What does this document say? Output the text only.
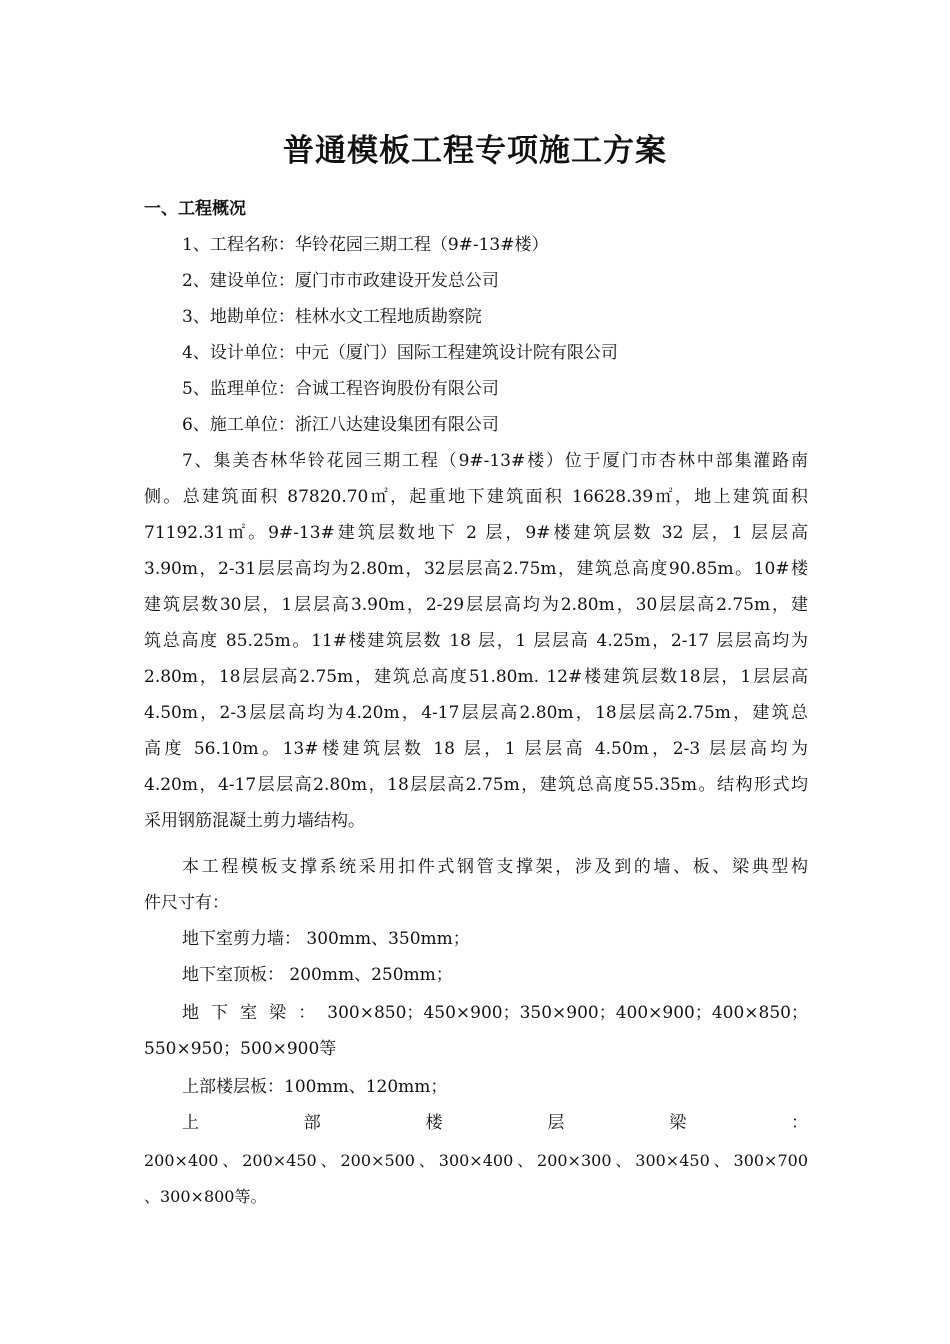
普通模板工程专项施工方案
一、工程概况
1、工程名称：华铃花园三期工程（9#-13#楼）
2、建设单位：厦门市市政建设开发总公司
3、地勘单位：桂林水文工程地质勘察院
4、设计单位：中元（厦门）国际工程建筑设计院有限公司
5、监理单位：合诚工程咨询股份有限公司
6、施工单位：浙江八达建设集团有限公司
7、集美杏林华铃花园三期工程（9#-13#楼）位于厦门市杏林中部集灌路南
侧。总建筑面积 87820.70㎡，起重地下建筑面积 16628.39㎡，地上建筑面积
71192.31㎡。9#-13#建筑层数地下 2 层，9#楼建筑层数 32 层，1 层层高
3.90m，2-31层层高均为2.80m，32层层高2.75m，建筑总高度90.85m。10#楼
建筑层数30层，1层层高3.90m，2-29层层高均为2.80m，30层层高2.75m，建
筑总高度 85.25m。11#楼建筑层数 18 层，1 层层高 4.25m，2-17 层层高均为
2.80m，18层层高2.75m，建筑总高度51.80m. 12#楼建筑层数18层，1层层高
4.50m，2-3层层高均为4.20m，4-17层层高2.80m，18层层高2.75m，建筑总
高度 56.10m。13#楼建筑层数 18 层，1 层层高 4.50m，2-3 层层高均为
4.20m，4-17层层高2.80m，18层层高2.75m，建筑总高度55.35m。结构形式均
采用钢筋混凝土剪力墙结构。
本工程模板支撑系统采用扣件式钢管支撑架，涉及到的墙、板、梁典型构
件尺寸有：
地下室剪力墙： 300mm、350mm；
地下室顶板： 200mm、250mm；
地下室梁：300×850；450×900；350×900；400×900；400×850；
550×950；500×900等
上部楼层板：100mm、120mm；
上	部	楼	层	梁	：
200×400、200×450、200×500、300×400、200×300、300×450、300×700
、300×800等。
